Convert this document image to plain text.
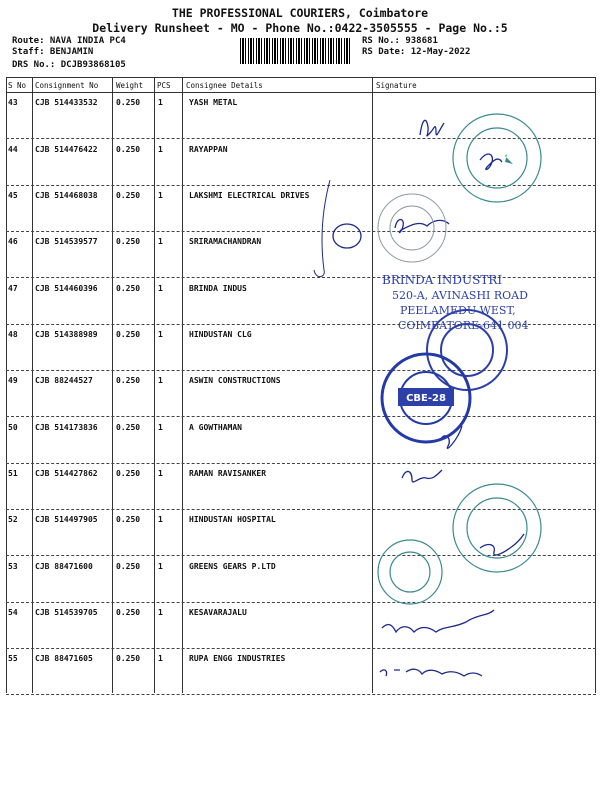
THE PROFESSIONAL COURIERS, Coimbatore
Delivery Runsheet - MO - Phone No.:0422-3505555 - Page No.:5
Route: NAVA INDIA PC4
Staff: BENJAMIN
DRS No.: DCJB93868105
RS No.: 938681
RS Date: 12-May-2022
S No Consignment No Weight PCS Consignee Details	Signature
43 CJB 514433532 0.250 1	YASH METAL
44 CJB 514476422 0.250 1	RAYAPPAN
45 CJB 514468038 0.250 1	LAKSHMI ELECTRICAL DRIVES
46 CJB 514539577 0.250 1	SRIRAMACHANDRAN
47 CJB 514460396 0.250 1	BRINDA INDUS
48 CJB 514388989 0.250 1	HINDUSTAN CLG
49 CJB 88244527	0.250 1	ASWIN CONSTRUCTIONS
50 CJB 514173836 0.250 1	A GOWTHAMAN
51 CJB 514427862 0.250 1	RAMAN RAVISANKER
52 CJB 514497905 0.250 1	HINDUSTAN HOSPITAL
53 CJB 88471600	0.250 1	GREENS GEARS P.LTD
54 CJB 514539705 0.250 1	KESAVARAJALU
55 CJB 88471605	0.250 1	RUPA ENGG INDUSTRIES
BRINDA INDUSTRI
520-A, AVINASHI ROAD
PEELAMEDU WEST,
COIMBATORE-641 004
CBE-28
